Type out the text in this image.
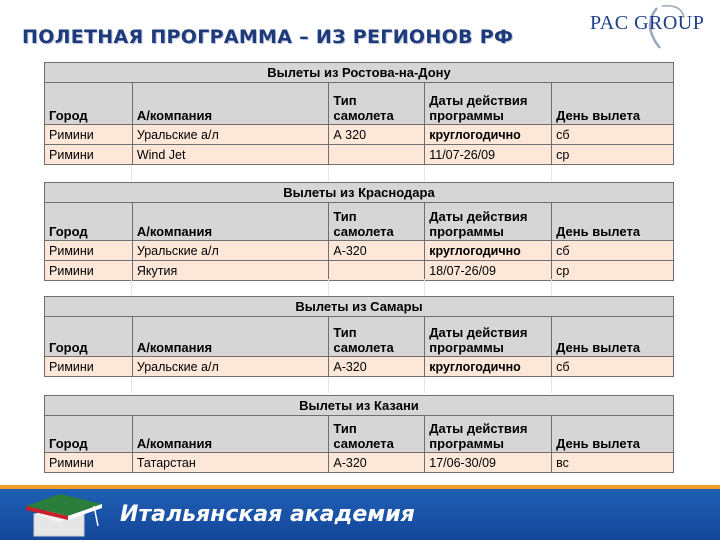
ПОЛЕТНАЯ ПРОГРАММА – ИЗ РЕГИОНОВ РФ
PAC GROUP
Вылеты из Ростова-на-Дону				
Город	А/компания	Тип самолета	Даты действия программы	День вылета
Римини	Уральские а/л	А 320	круглогодично	сб
Римини	Wind Jet		11/07-26/09	ср
Вылеты из Краснодара				
Город	А/компания	Тип самолета	Даты действия программы	День вылета
Римини	Уральские а/л	А-320	круглогодично	сб
Римини	Якутия		18/07-26/09	ср
Вылеты из Самары				
Город	А/компания	Тип самолета	Даты действия программы	День вылета
Римини	Уральские а/л	А-320	круглогодично	сб
Вылеты из Казани				
Город	А/компания	Тип самолета	Даты действия программы	День вылета
Римини	Татарстан	А-320	17/06-30/09	вс
Итальянская академия
